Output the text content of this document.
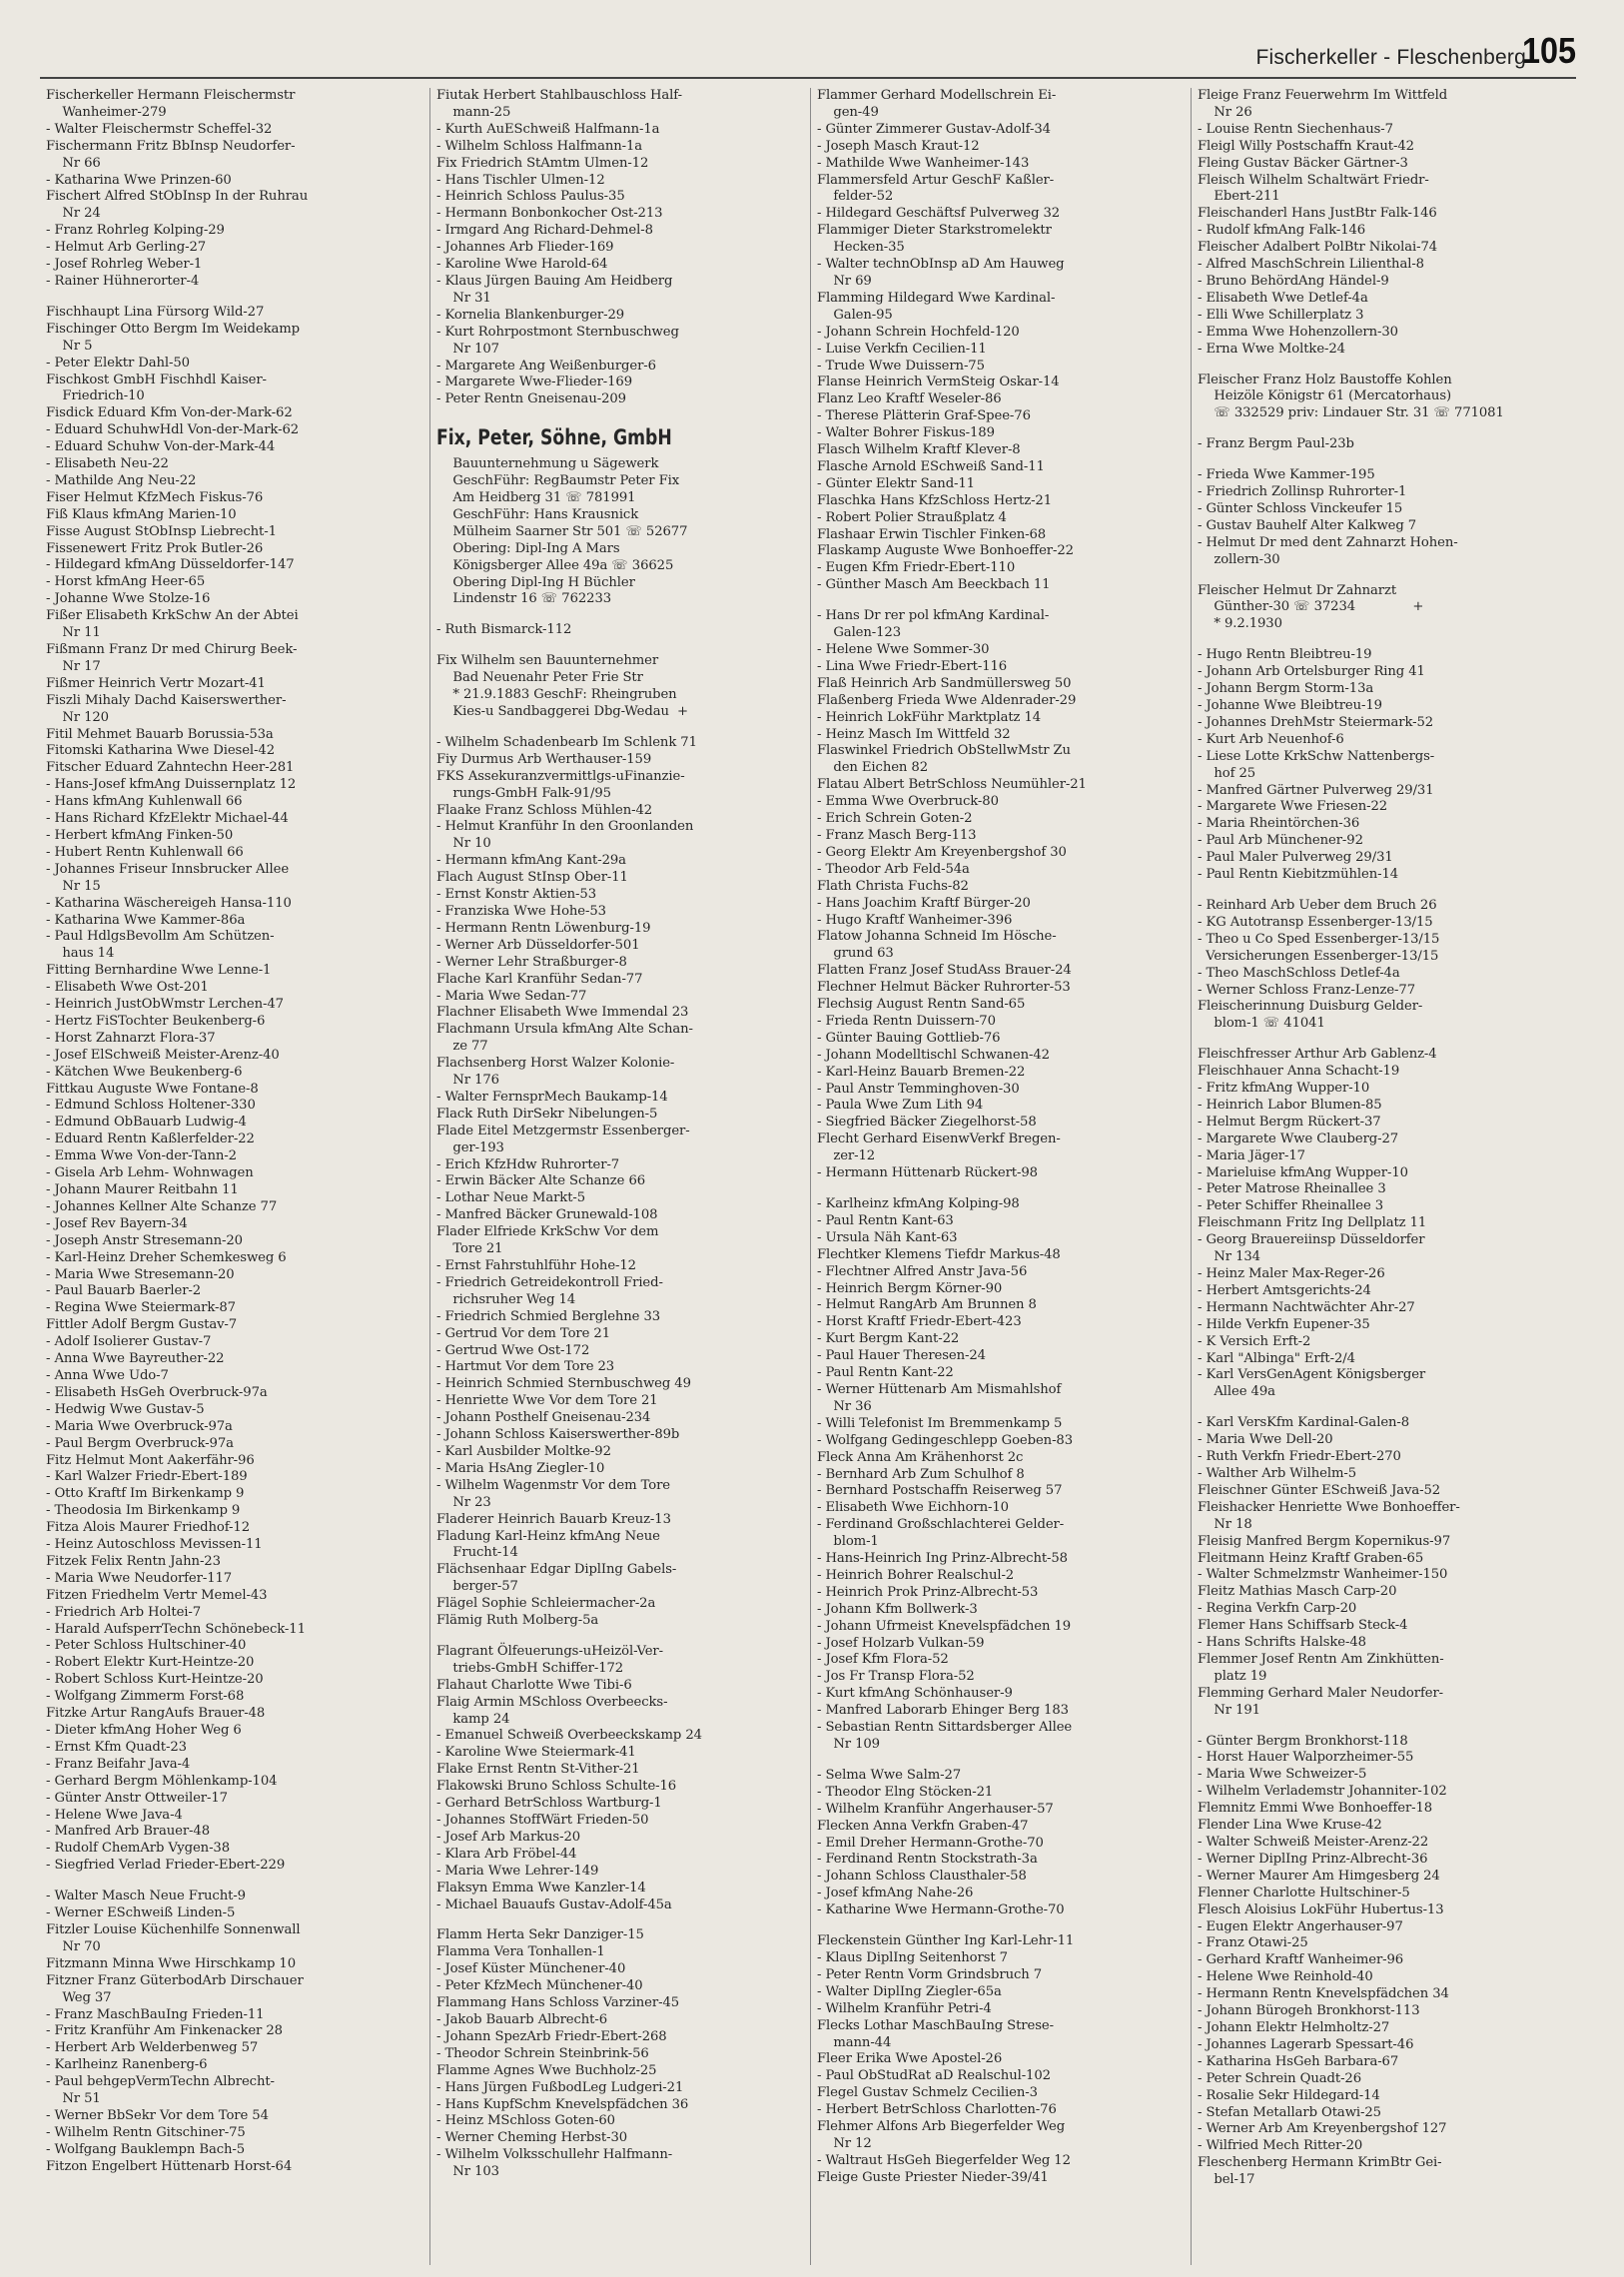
Fischerkeller - Fleschenberg
105
Fischerkeller Hermann Fleischermstr
Wanheimer-279
- Walter Fleischermstr Scheffel-32
Fischermann Fritz BbInsp Neudorfer-
Nr 66
- Katharina Wwe Prinzen-60
Fischert Alfred StObInsp In der Ruhrau
Nr 24
- Franz Rohrleg Kolping-29
- Helmut Arb Gerling-27
- Josef Rohrleg Weber-1
- Rainer Hühnerorter-4
Fischhaupt Lina Fürsorg Wild-27
Fischinger Otto Bergm Im Weidekamp
Nr 5
- Peter Elektr Dahl-50
Fischkost GmbH Fischhdl Kaiser-
Friedrich-10
Fisdick Eduard Kfm Von-der-Mark-62
- Eduard SchuhwHdl Von-der-Mark-62
- Eduard Schuhw Von-der-Mark-44
- Elisabeth Neu-22
- Mathilde Ang Neu-22
Fiser Helmut KfzMech Fiskus-76
Fiß Klaus kfmAng Marien-10
Fisse August StObInsp Liebrecht-1
Fissenewert Fritz Prok Butler-26
- Hildegard kfmAng Düsseldorfer-147
- Horst kfmAng Heer-65
- Johanne Wwe Stolze-16
Fißer Elisabeth KrkSchw An der Abtei
Nr 11
Fißmann Franz Dr med Chirurg Beek-
Nr 17
Fißmer Heinrich Vertr Mozart-41
Fiszli Mihaly Dachd Kaiserswerther-
Nr 120
Fitil Mehmet Bauarb Borussia-53a
Fitomski Katharina Wwe Diesel-42
Fitscher Eduard Zahntechn Heer-281
- Hans-Josef kfmAng Duissernplatz 12
- Hans kfmAng Kuhlenwall 66
- Hans Richard KfzElektr Michael-44
- Herbert kfmAng Finken-50
- Hubert Rentn Kuhlenwall 66
- Johannes Friseur Innsbrucker Allee
Nr 15
- Katharina Wäschereigeh Hansa-110
- Katharina Wwe Kammer-86a
- Paul HdlgsBevollm Am Schützen-
haus 14
Fitting Bernhardine Wwe Lenne-1
- Elisabeth Wwe Ost-201
- Heinrich JustObWmstr Lerchen-47
- Hertz FiSTochter Beukenberg-6
- Horst Zahnarzt Flora-37
- Josef ElSchweiß Meister-Arenz-40
- Kätchen Wwe Beukenberg-6
Fittkau Auguste Wwe Fontane-8
- Edmund Schloss Holtener-330
- Edmund ObBauarb Ludwig-4
- Eduard Rentn Kaßlerfelder-22
- Emma Wwe Von-der-Tann-2
- Gisela Arb Lehm- Wohnwagen
- Johann Maurer Reitbahn 11
- Johannes Kellner Alte Schanze 77
- Josef Rev Bayern-34
- Joseph Anstr Stresemann-20
- Karl-Heinz Dreher Schemkesweg 6
- Maria Wwe Stresemann-20
- Paul Bauarb Baerler-2
- Regina Wwe Steiermark-87
Fittler Adolf Bergm Gustav-7
- Adolf Isolierer Gustav-7
- Anna Wwe Bayreuther-22
- Anna Wwe Udo-7
- Elisabeth HsGeh Overbruck-97a
- Hedwig Wwe Gustav-5
- Maria Wwe Overbruck-97a
- Paul Bergm Overbruck-97a
Fitz Helmut Mont Aakerfähr-96
- Karl Walzer Friedr-Ebert-189
- Otto Kraftf Im Birkenkamp 9
- Theodosia Im Birkenkamp 9
Fitza Alois Maurer Friedhof-12
- Heinz Autoschloss Mevissen-11
Fitzek Felix Rentn Jahn-23
- Maria Wwe Neudorfer-117
Fitzen Friedhelm Vertr Memel-43
- Friedrich Arb Holtei-7
- Harald AufsperrTechn Schönebeck-11
- Peter Schloss Hultschiner-40
- Robert Elektr Kurt-Heintze-20
- Robert Schloss Kurt-Heintze-20
- Wolfgang Zimmerm Forst-68
Fitzke Artur RangAufs Brauer-48
- Dieter kfmAng Hoher Weg 6
- Ernst Kfm Quadt-23
- Franz Beifahr Java-4
- Gerhard Bergm Möhlenkamp-104
- Günter Anstr Ottweiler-17
- Helene Wwe Java-4
- Manfred Arb Brauer-48
- Rudolf ChemArb Vygen-38
- Siegfried Verlad Frieder-Ebert-229
- Walter Masch Neue Frucht-9
- Werner ESchweiß Linden-5
Fitzler Louise Küchenhilfe Sonnenwall
Nr 70
Fitzmann Minna Wwe Hirschkamp 10
Fitzner Franz GüterbodArb Dirschauer
Weg 37
- Franz MaschBauIng Frieden-11
- Fritz Kranführ Am Finkenacker 28
- Herbert Arb Welderbenweg 57
- Karlheinz Ranenberg-6
- Paul behgepVermTechn Albrecht-
Nr 51
- Werner BbSekr Vor dem Tore 54
- Wilhelm Rentn Gitschiner-75
- Wolfgang Bauklempn Bach-5
Fitzon Engelbert Hüttenarb Horst-64
Fiutak Herbert Stahlbauschloss Half-
mann-25
- Kurth AuESchweiß Halfmann-1a
- Wilhelm Schloss Halfmann-1a
Fix Friedrich StAmtm Ulmen-12
- Hans Tischler Ulmen-12
- Heinrich Schloss Paulus-35
- Hermann Bonbonkocher Ost-213
- Irmgard Ang Richard-Dehmel-8
- Johannes Arb Flieder-169
- Karoline Wwe Harold-64
- Klaus Jürgen Bauing Am Heidberg
Nr 31
- Kornelia Blankenburger-29
- Kurt Rohrpostmont Sternbuschweg
Nr 107
- Margarete Ang Weißenburger-6
- Margarete Wwe-Flieder-169
- Peter Rentn Gneisenau-209
Fix, Peter, Söhne, GmbH
Bauunternehmung u Sägewerk
GeschFühr: RegBaumstr Peter Fix
Am Heidberg 31 ☏ 781991
GeschFühr: Hans Krausnick
Mülheim Saarner Str 501 ☏ 52677
Obering: Dipl-Ing A Mars
Königsberger Allee 49a ☏ 36625
Obering Dipl-Ing H Büchler
Lindenstr 16 ☏ 762233
- Ruth Bismarck-112
Fix Wilhelm sen Bauunternehmer
Bad Neuenahr Peter Frie Str
* 21.9.1883 GeschF: Rheingruben
Kies-u Sandbaggerei Dbg-Wedau  +
- Wilhelm Schadenbearb Im Schlenk 71
Fiy Durmus Arb Werthauser-159
FKS Assekuranzvermittlgs-uFinanzie-
rungs-GmbH Falk-91/95
Flaake Franz Schloss Mühlen-42
- Helmut Kranführ In den Groonlanden
Nr 10
- Hermann kfmAng Kant-29a
Flach August StInsp Ober-11
- Ernst Konstr Aktien-53
- Franziska Wwe Hohe-53
- Hermann Rentn Löwenburg-19
- Werner Arb Düsseldorfer-501
- Werner Lehr Straßburger-8
Flache Karl Kranführ Sedan-77
- Maria Wwe Sedan-77
Flachner Elisabeth Wwe Immendal 23
Flachmann Ursula kfmAng Alte Schan-
ze 77
Flachsenberg Horst Walzer Kolonie-
Nr 176
- Walter FernsprMech Baukamp-14
Flack Ruth DirSekr Nibelungen-5
Flade Eitel Metzgermstr Essenberger-
ger-193
- Erich KfzHdw Ruhrorter-7
- Erwin Bäcker Alte Schanze 66
- Lothar Neue Markt-5
- Manfred Bäcker Grunewald-108
Flader Elfriede KrkSchw Vor dem
Tore 21
- Ernst Fahrstuhlführ Hohe-12
- Friedrich Getreidekontroll Fried-
richsruher Weg 14
- Friedrich Schmied Berglehne 33
- Gertrud Vor dem Tore 21
- Gertrud Wwe Ost-172
- Hartmut Vor dem Tore 23
- Heinrich Schmied Sternbuschweg 49
- Henriette Wwe Vor dem Tore 21
- Johann Posthelf Gneisenau-234
- Johann Schloss Kaiserswerther-89b
- Karl Ausbilder Moltke-92
- Maria HsAng Ziegler-10
- Wilhelm Wagenmstr Vor dem Tore
Nr 23
Fladerer Heinrich Bauarb Kreuz-13
Fladung Karl-Heinz kfmAng Neue
Frucht-14
Flächsenhaar Edgar DiplIng Gabels-
berger-57
Flägel Sophie Schleiermacher-2a
Flämig Ruth Molberg-5a
Flagrant Ölfeuerungs-uHeizöl-Ver-
triebs-GmbH Schiffer-172
Flahaut Charlotte Wwe Tibi-6
Flaig Armin MSchloss Overbeecks-
kamp 24
- Emanuel Schweiß Overbeeckskamp 24
- Karoline Wwe Steiermark-41
Flake Ernst Rentn St-Vither-21
Flakowski Bruno Schloss Schulte-16
- Gerhard BetrSchloss Wartburg-1
- Johannes StoffWärt Frieden-50
- Josef Arb Markus-20
- Klara Arb Fröbel-44
- Maria Wwe Lehrer-149
Flaksyn Emma Wwe Kanzler-14
- Michael Bauaufs Gustav-Adolf-45a
Flamm Herta Sekr Danziger-15
Flamma Vera Tonhallen-1
- Josef Küster Münchener-40
- Peter KfzMech Münchener-40
Flammang Hans Schloss Varziner-45
- Jakob Bauarb Albrecht-6
- Johann SpezArb Friedr-Ebert-268
- Theodor Schrein Steinbrink-56
Flamme Agnes Wwe Buchholz-25
- Hans Jürgen FußbodLeg Ludgeri-21
- Hans KupfSchm Knevelspfädchen 36
- Heinz MSchloss Goten-60
- Werner Cheming Herbst-30
- Wilhelm Volksschullehr Halfmann-
Nr 103
Flammer Gerhard Modellschrein Ei-
gen-49
- Günter Zimmerer Gustav-Adolf-34
- Joseph Masch Kraut-12
- Mathilde Wwe Wanheimer-143
Flammersfeld Artur GeschF Kaßler-
felder-52
- Hildegard Geschäftsf Pulverweg 32
Flammiger Dieter Starkstromelektr
Hecken-35
- Walter technObInsp aD Am Hauweg
Nr 69
Flamming Hildegard Wwe Kardinal-
Galen-95
- Johann Schrein Hochfeld-120
- Luise Verkfn Cecilien-11
- Trude Wwe Duissern-75
Flanse Heinrich VermSteig Oskar-14
Flanz Leo Kraftf Weseler-86
- Therese Plätterin Graf-Spee-76
- Walter Bohrer Fiskus-189
Flasch Wilhelm Kraftf Klever-8
Flasche Arnold ESchweiß Sand-11
- Günter Elektr Sand-11
Flaschka Hans KfzSchloss Hertz-21
- Robert Polier Straußplatz 4
Flashaar Erwin Tischler Finken-68
Flaskamp Auguste Wwe Bonhoeffer-22
- Eugen Kfm Friedr-Ebert-110
- Günther Masch Am Beeckbach 11
- Hans Dr rer pol kfmAng Kardinal-
Galen-123
- Helene Wwe Sommer-30
- Lina Wwe Friedr-Ebert-116
Flaß Heinrich Arb Sandmüllersweg 50
Flaßenberg Frieda Wwe Aldenrader-29
- Heinrich LokFühr Marktplatz 14
- Heinz Masch Im Wittfeld 32
Flaswinkel Friedrich ObStellwMstr Zu
den Eichen 82
Flatau Albert BetrSchloss Neumühler-21
- Emma Wwe Overbruck-80
- Erich Schrein Goten-2
- Franz Masch Berg-113
- Georg Elektr Am Kreyenbergshof 30
- Theodor Arb Feld-54a
Flath Christa Fuchs-82
- Hans Joachim Kraftf Bürger-20
- Hugo Kraftf Wanheimer-396
Flatow Johanna Schneid Im Hösche-
grund 63
Flatten Franz Josef StudAss Brauer-24
Flechner Helmut Bäcker Ruhrorter-53
Flechsig August Rentn Sand-65
- Frieda Rentn Duissern-70
- Günter Bauing Gottlieb-76
- Johann Modelltischl Schwanen-42
- Karl-Heinz Bauarb Bremen-22
- Paul Anstr Temminghoven-30
- Paula Wwe Zum Lith 94
- Siegfried Bäcker Ziegelhorst-58
Flecht Gerhard EisenwVerkf Bregen-
zer-12
- Hermann Hüttenarb Rückert-98
- Karlheinz kfmAng Kolping-98
- Paul Rentn Kant-63
- Ursula Näh Kant-63
Flechtker Klemens Tiefdr Markus-48
- Flechtner Alfred Anstr Java-56
- Heinrich Bergm Körner-90
- Helmut RangArb Am Brunnen 8
- Horst Kraftf Friedr-Ebert-423
- Kurt Bergm Kant-22
- Paul Hauer Theresen-24
- Paul Rentn Kant-22
- Werner Hüttenarb Am Mismahlshof
Nr 36
- Willi Telefonist Im Bremmenkamp 5
- Wolfgang Gedingeschlepp Goeben-83
Fleck Anna Am Krähenhorst 2c
- Bernhard Arb Zum Schulhof 8
- Bernhard Postschaffn Reiserweg 57
- Elisabeth Wwe Eichhorn-10
- Ferdinand Großschlachterei Gelder-
blom-1
- Hans-Heinrich Ing Prinz-Albrecht-58
- Heinrich Bohrer Realschul-2
- Heinrich Prok Prinz-Albrecht-53
- Johann Kfm Bollwerk-3
- Johann Ufrmeist Knevelspfädchen 19
- Josef Holzarb Vulkan-59
- Josef Kfm Flora-52
- Jos Fr Transp Flora-52
- Kurt kfmAng Schönhauser-9
- Manfred Laborarb Ehinger Berg 183
- Sebastian Rentn Sittardsberger Allee
Nr 109
- Selma Wwe Salm-27
- Theodor Elng Stöcken-21
- Wilhelm Kranführ Angerhauser-57
Flecken Anna Verkfn Graben-47
- Emil Dreher Hermann-Grothe-70
- Ferdinand Rentn Stockstrath-3a
- Johann Schloss Clausthaler-58
- Josef kfmAng Nahe-26
- Katharine Wwe Hermann-Grothe-70
Fleckenstein Günther Ing Karl-Lehr-11
- Klaus DiplIng Seitenhorst 7
- Peter Rentn Vorm Grindsbruch 7
- Walter DiplIng Ziegler-65a
- Wilhelm Kranführ Petri-4
Flecks Lothar MaschBauIng Strese-
mann-44
Fleer Erika Wwe Apostel-26
- Paul ObStudRat aD Realschul-102
Flegel Gustav Schmelz Cecilien-3
- Herbert BetrSchloss Charlotten-76
Flehmer Alfons Arb Biegerfelder Weg
Nr 12
- Waltraut HsGeh Biegerfelder Weg 12
Fleige Guste Priester Nieder-39/41
Fleige Franz Feuerwehrm Im Wittfeld
Nr 26
- Louise Rentn Siechenhaus-7
Fleigl Willy Postschaffn Kraut-42
Fleing Gustav Bäcker Gärtner-3
Fleisch Wilhelm Schaltwärt Friedr-
Ebert-211
Fleischanderl Hans JustBtr Falk-146
- Rudolf kfmAng Falk-146
Fleischer Adalbert PolBtr Nikolai-74
- Alfred MaschSchrein Lilienthal-8
- Bruno BehördAng Händel-9
- Elisabeth Wwe Detlef-4a
- Elli Wwe Schillerplatz 3
- Emma Wwe Hohenzollern-30
- Erna Wwe Moltke-24
Fleischer Franz Holz Baustoffe Kohlen
Heizöle Königstr 61 (Mercatorhaus)
☏ 332529 priv: Lindauer Str. 31 ☏ 771081
- Franz Bergm Paul-23b
- Frieda Wwe Kammer-195
- Friedrich Zollinsp Ruhrorter-1
- Günter Schloss Vinckeufer 15
- Gustav Bauhelf Alter Kalkweg 7
- Helmut Dr med dent Zahnarzt Hohen-
zollern-30
Fleischer Helmut Dr Zahnarzt
Günther-30 ☏ 37234              +
* 9.2.1930
- Hugo Rentn Bleibtreu-19
- Johann Arb Ortelsburger Ring 41
- Johann Bergm Storm-13a
- Johanne Wwe Bleibtreu-19
- Johannes DrehMstr Steiermark-52
- Kurt Arb Neuenhof-6
- Liese Lotte KrkSchw Nattenbergs-
hof 25
- Manfred Gärtner Pulverweg 29/31
- Margarete Wwe Friesen-22
- Maria Rheintörchen-36
- Paul Arb Münchener-92
- Paul Maler Pulverweg 29/31
- Paul Rentn Kiebitzmühlen-14
- Reinhard Arb Ueber dem Bruch 26
- KG Autotransp Essenberger-13/15
- Theo u Co Sped Essenberger-13/15
Versicherungen Essenberger-13/15
- Theo MaschSchloss Detlef-4a
- Werner Schloss Franz-Lenze-77
Fleischerinnung Duisburg Gelder-
blom-1 ☏ 41041
Fleischfresser Arthur Arb Gablenz-4
Fleischhauer Anna Schacht-19
- Fritz kfmAng Wupper-10
- Heinrich Labor Blumen-85
- Helmut Bergm Rückert-37
- Margarete Wwe Clauberg-27
- Maria Jäger-17
- Marieluise kfmAng Wupper-10
- Peter Matrose Rheinallee 3
- Peter Schiffer Rheinallee 3
Fleischmann Fritz Ing Dellplatz 11
- Georg Brauereiinsp Düsseldorfer
Nr 134
- Heinz Maler Max-Reger-26
- Herbert Amtsgerichts-24
- Hermann Nachtwächter Ahr-27
- Hilde Verkfn Eupener-35
- K Versich Erft-2
- Karl "Albinga" Erft-2/4
- Karl VersGenAgent Königsberger
Allee 49a
- Karl VersKfm Kardinal-Galen-8
- Maria Wwe Dell-20
- Ruth Verkfn Friedr-Ebert-270
- Walther Arb Wilhelm-5
Fleischner Günter ESchweiß Java-52
Fleishacker Henriette Wwe Bonhoeffer-
Nr 18
Fleisig Manfred Bergm Kopernikus-97
Fleitmann Heinz Kraftf Graben-65
- Walter Schmelzmstr Wanheimer-150
Fleitz Mathias Masch Carp-20
- Regina Verkfn Carp-20
Flemer Hans Schiffsarb Steck-4
- Hans Schrifts Halske-48
Flemmer Josef Rentn Am Zinkhütten-
platz 19
Flemming Gerhard Maler Neudorfer-
Nr 191
- Günter Bergm Bronkhorst-118
- Horst Hauer Walporzheimer-55
- Maria Wwe Schweizer-5
- Wilhelm Verlademstr Johanniter-102
Flemnitz Emmi Wwe Bonhoeffer-18
Flender Lina Wwe Kruse-42
- Walter Schweiß Meister-Arenz-22
- Werner DiplIng Prinz-Albrecht-36
- Werner Maurer Am Himgesberg 24
Flenner Charlotte Hultschiner-5
Flesch Aloisius LokFühr Hubertus-13
- Eugen Elektr Angerhauser-97
- Franz Otawi-25
- Gerhard Kraftf Wanheimer-96
- Helene Wwe Reinhold-40
- Hermann Rentn Knevelspfädchen 34
- Johann Bürogeh Bronkhorst-113
- Johann Elektr Helmholtz-27
- Johannes Lagerarb Spessart-46
- Katharina HsGeh Barbara-67
- Peter Schrein Quadt-26
- Rosalie Sekr Hildegard-14
- Stefan Metallarb Otawi-25
- Werner Arb Am Kreyenbergshof 127
- Wilfried Mech Ritter-20
Fleschenberg Hermann KrimBtr Gei-
bel-17
